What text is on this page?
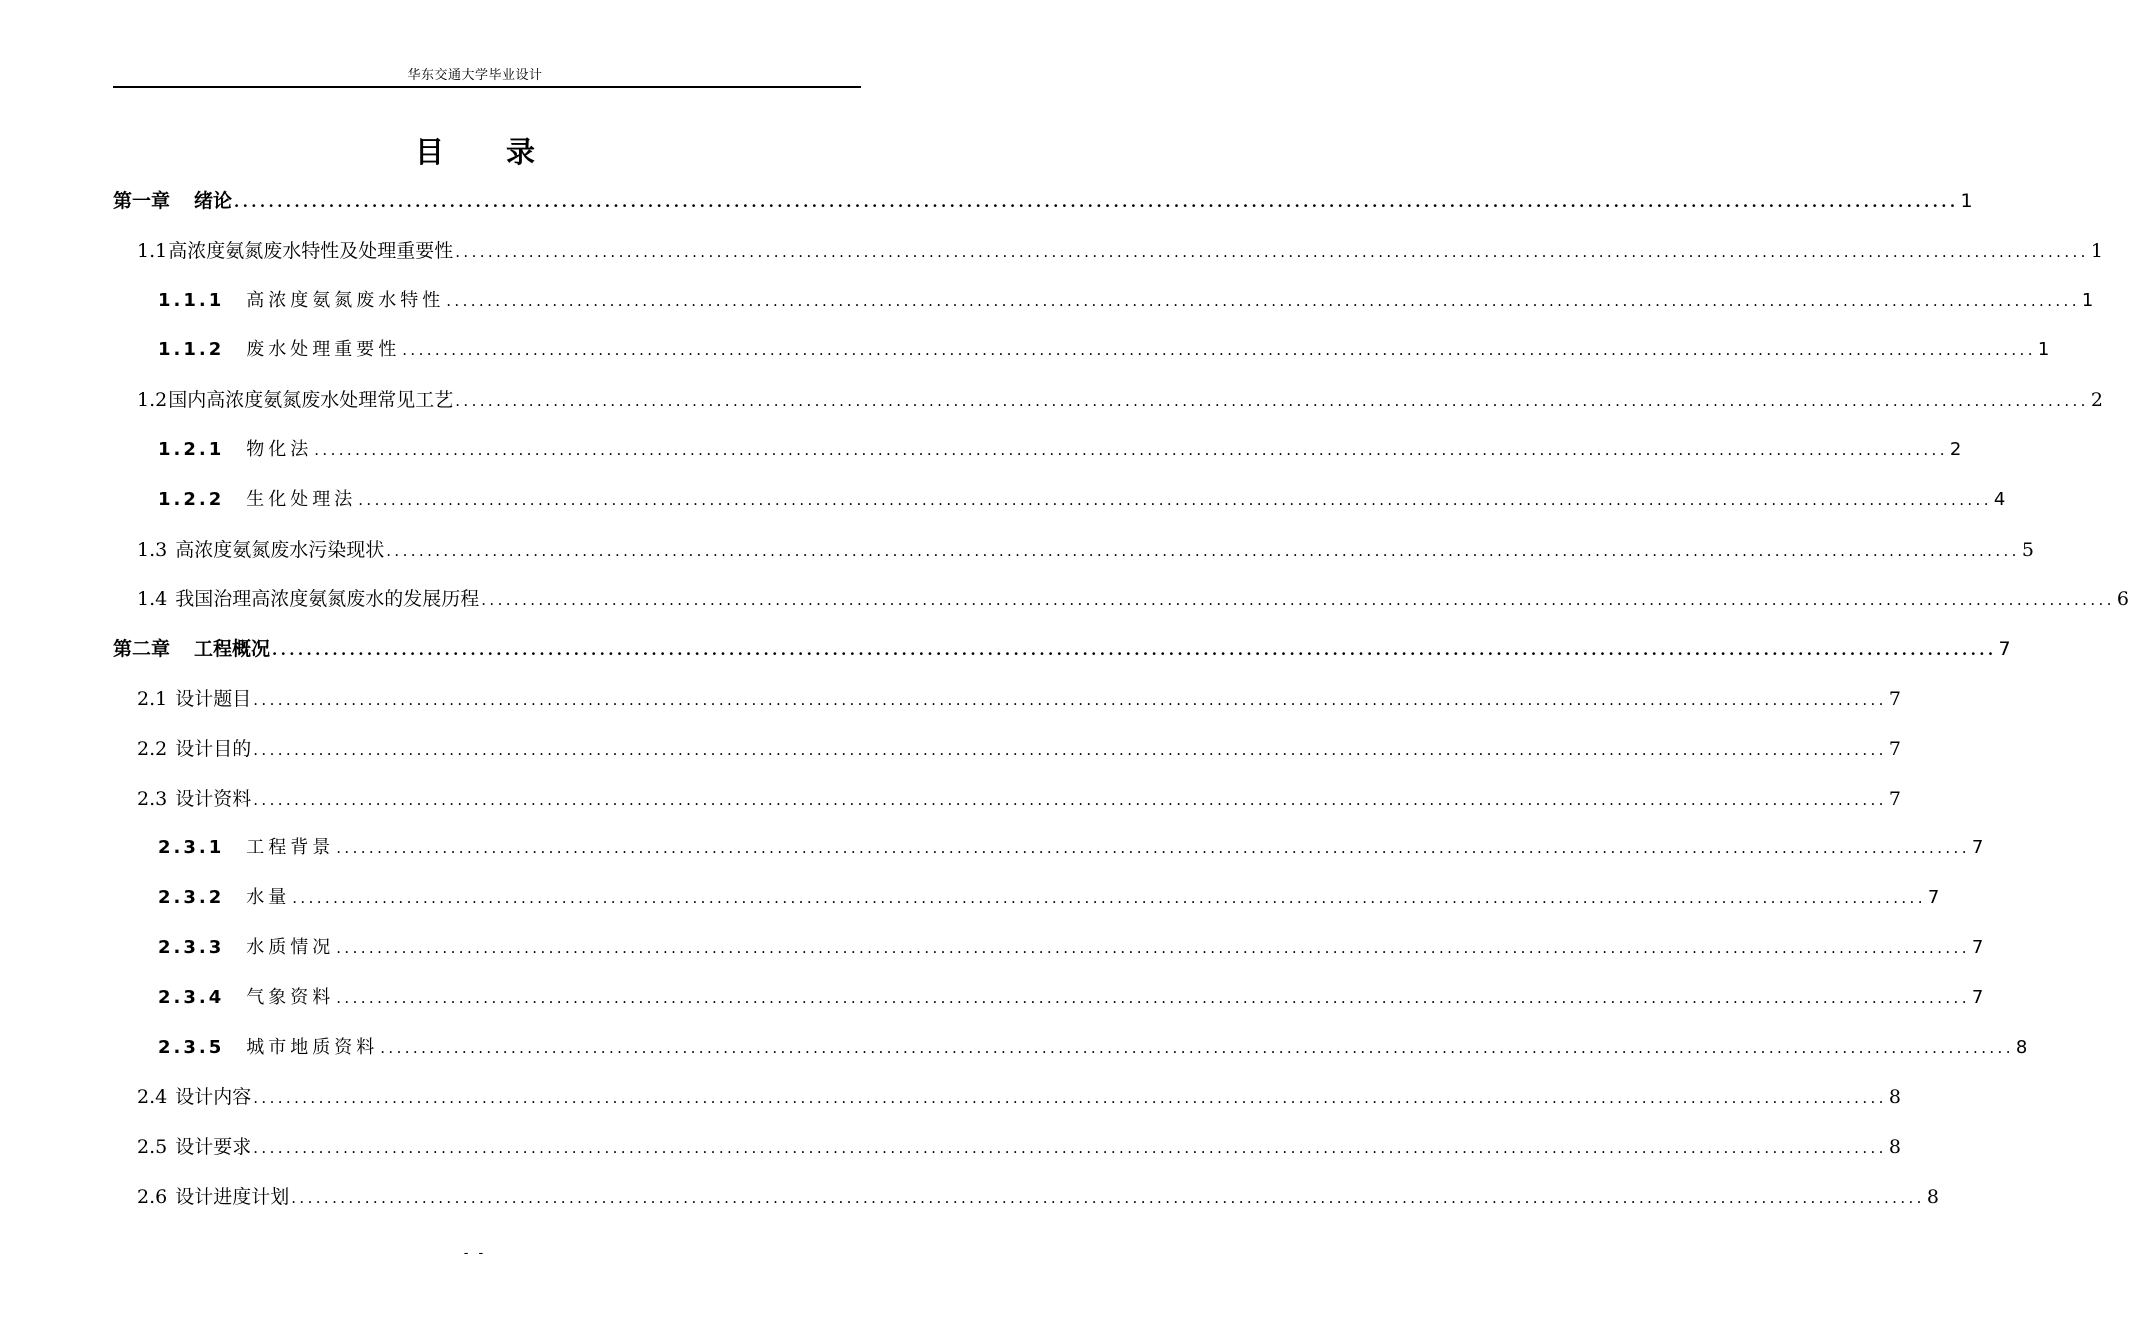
华东交通大学毕业设计
目 录
第一章 绪论 ........................................................................................................................................................................................................ 1
1.1高浓度氨氮废水特性及处理重要性 ........................................................................................................................................................................................................ 1
1.1.1 高浓度氨氮废水特性 ........................................................................................................................................................................................................ 1
1.1.2 废水处理重要性 ........................................................................................................................................................................................................ 1
1.2国内高浓度氨氮废水处理常见工艺 ........................................................................................................................................................................................................ 2
1.2.1 物化法 ........................................................................................................................................................................................................ 2
1.2.2 生化处理法 ........................................................................................................................................................................................................ 4
1.3 高浓度氨氮废水污染现状 ........................................................................................................................................................................................................ 5
1.4 我国治理高浓度氨氮废水的发展历程 ........................................................................................................................................................................................................ 6
第二章 工程概况 ........................................................................................................................................................................................................ 7
2.1 设计题目 ........................................................................................................................................................................................................ 7
2.2 设计目的 ........................................................................................................................................................................................................ 7
2.3 设计资料 ........................................................................................................................................................................................................ 7
2.3.1 工程背景 ........................................................................................................................................................................................................ 7
2.3.2 水量 ........................................................................................................................................................................................................ 7
2.3.3 水质情况 ........................................................................................................................................................................................................ 7
2.3.4 气象资料 ........................................................................................................................................................................................................ 7
2.3.5 城市地质资料 ........................................................................................................................................................................................................ 8
2.4 设计内容 ........................................................................................................................................................................................................ 8
2.5 设计要求 ........................................................................................................................................................................................................ 8
2.6 设计进度计划 ........................................................................................................................................................................................................ 8
- -
